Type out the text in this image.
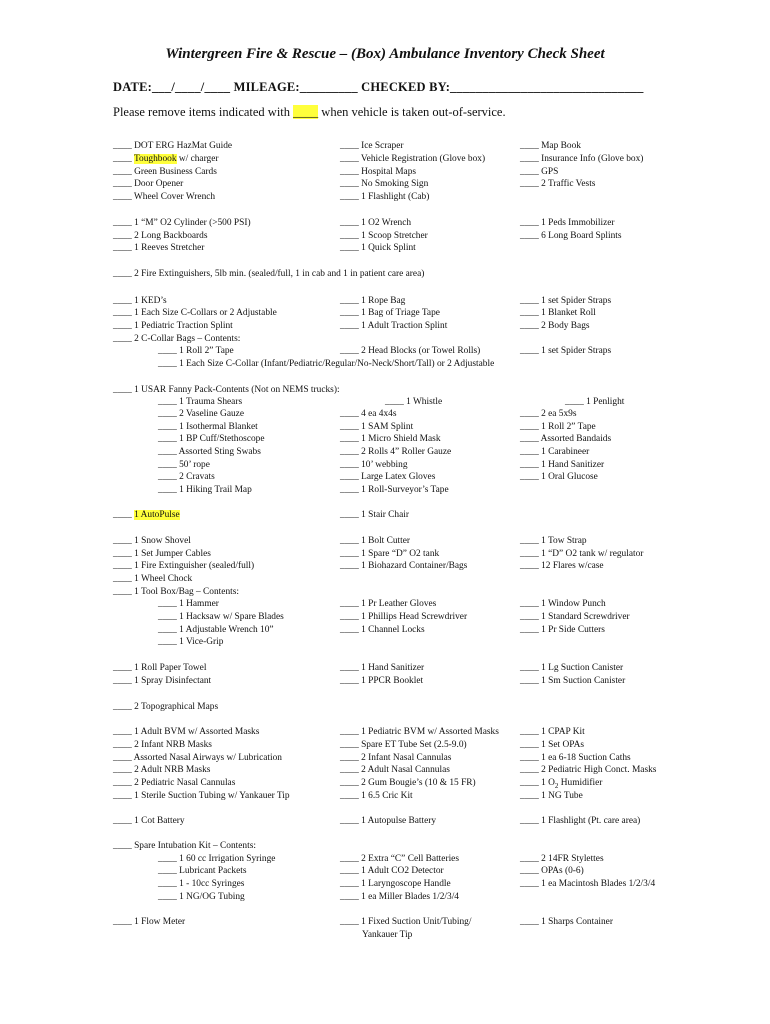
Wintergreen Fire & Rescue – (Box) Ambulance Inventory Check Sheet
DATE:___/____/____ MILEAGE:_________ CHECKED BY:______________________________
Please remove items indicated with ____ when vehicle is taken out-of-service.
____ DOT ERG HazMat Guide	____ Ice Scraper	____ Map Book
____ Toughbook w/ charger	____ Vehicle Registration (Glove box)	____ Insurance Info (Glove box)
____ Green Business Cards	____ Hospital Maps	____ GPS
____ Door Opener	____ No Smoking Sign	____ 2 Traffic Vests
____ Wheel Cover Wrench	____ 1 Flashlight (Cab)
____ 1 “M” O2 Cylinder (>500 PSI)	____ 1 O2 Wrench	____ 1 Peds Immobilizer
____ 2 Long Backboards	____ 1 Scoop Stretcher	____ 6 Long Board Splints
____ 1 Reeves Stretcher	____ 1 Quick Splint
____ 2 Fire Extinguishers, 5lb min. (sealed/full, 1 in cab and 1 in patient care area)
____ 1 KED’s	____ 1 Rope Bag	____ 1 set Spider Straps
____ 1 Each Size C-Collars or 2 Adjustable	____ 1 Bag of Triage Tape	____ 1 Blanket Roll
____ 1 Pediatric Traction Splint	____ 1 Adult Traction Splint	____ 2 Body Bags
____ 2 C-Collar Bags – Contents:
____ 1 Roll 2” Tape	____ 2 Head Blocks (or Towel Rolls)	____ 1 set Spider Straps
____ 1 Each Size C-Collar (Infant/Pediatric/Regular/No-Neck/Short/Tall) or 2 Adjustable
____ 1 USAR Fanny Pack-Contents (Not on NEMS trucks):
____ 1 Trauma Shears	____ 1 Whistle	____ 1 Penlight
____ 2 Vaseline Gauze	____ 4 ea 4x4s	____ 2 ea 5x9s
____ 1 Isothermal Blanket	____ 1 SAM Splint	____ 1 Roll 2” Tape
____ 1 BP Cuff/Stethoscope	____ 1 Micro Shield Mask	____ Assorted Bandaids
____ Assorted Sting Swabs	____ 2 Rolls 4” Roller Gauze	____ 1 Carabineer
____ 50’ rope	____ 10’ webbing	____ 1 Hand Sanitizer
____ 2 Cravats	____ Large Latex Gloves	____ 1 Oral Glucose
____ 1 Hiking Trail Map	____ 1 Roll-Surveyor’s Tape
____ 1 AutoPulse	____ 1 Stair Chair
____ 1 Snow Shovel	____ 1 Bolt Cutter	____ 1 Tow Strap
____ 1 Set Jumper Cables	____ 1 Spare “D” O2 tank	____ 1 “D” O2 tank w/ regulator
____ 1 Fire Extinguisher (sealed/full)	____ 1 Biohazard Container/Bags	____ 12 Flares w/case
____ 1 Wheel Chock
____ 1 Tool Box/Bag – Contents:
____ 1 Hammer	____ 1 Pr Leather Gloves	____ 1 Window Punch
____ 1 Hacksaw w/ Spare Blades	____ 1 Phillips Head Screwdriver	____ 1 Standard Screwdriver
____ 1 Adjustable Wrench 10”	____ 1 Channel Locks	____ 1 Pr Side Cutters
____ 1 Vice-Grip
____ 1 Roll Paper Towel	____ 1 Hand Sanitizer	____ 1 Lg Suction Canister
____ 1 Spray Disinfectant	____ 1 PPCR Booklet	____ 1 Sm Suction Canister
____ 2 Topographical Maps
____ 1 Adult BVM w/ Assorted Masks	____ 1 Pediatric BVM w/ Assorted Masks ____ 1 CPAP Kit
____ 2 Infant NRB Masks	____ Spare ET Tube Set (2.5-9.0)	____ 1 Set OPAs
____ Assorted Nasal Airways w/ Lubrication	____ 2 Infant Nasal Cannulas	____ 1 ea 6-18 Suction Caths
____ 2 Adult NRB Masks	____ 2 Adult Nasal Cannulas	____ 2 Pediatric High Conct. Masks
____ 2 Pediatric Nasal Cannulas	____ 2 Gum Bougie’s (10 & 15 FR)	____ 1 $O_2$ Humidifier
____ 1 Sterile Suction Tubing w/ Yankauer Tip	____ 1 6.5 Cric Kit	____ 1 NG Tube
____ 1 Cot Battery	____ 1 Autopulse Battery	____ 1 Flashlight (Pt. care area)
____ Spare Intubation Kit – Contents:
____ 1 60 cc Irrigation Syringe	____ 2 Extra “C” Cell Batteries	____ 2 14FR Stylettes
____ Lubricant Packets	____ 1 Adult CO2 Detector	____ OPAs (0-6)
____ 1 - 10cc Syringes	____ 1 Laryngoscope Handle	____ 1 ea Macintosh Blades 1/2/3/4
____ 1 NG/OG Tubing	____ 1 ea Miller Blades 1/2/3/4
____ 1 Flow Meter	____ 1 Fixed Suction Unit/Tubing/	____ 1 Sharps Container
Yankauer Tip
